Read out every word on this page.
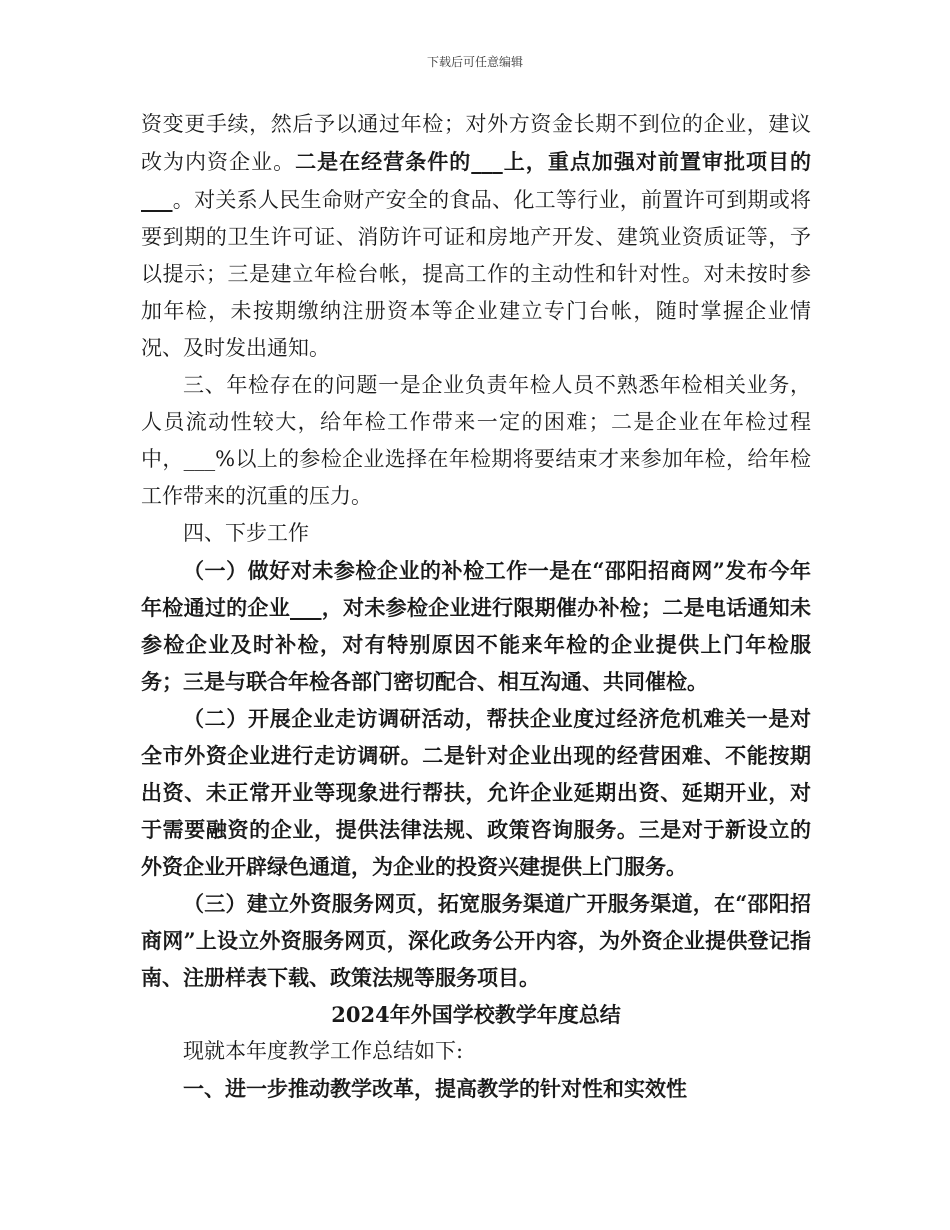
下载后可任意编辑

资变更手续，然后予以通过年检；对外方资金长期不到位的企业，建议改为内资企业。二是在经营条件的___上，重点加强对前置审批项目的___。对关系人民生命财产安全的食品、化工等行业，前置许可到期或将要到期的卫生许可证、消防许可证和房地产开发、建筑业资质证等，予以提示；三是建立年检台帐，提高工作的主动性和针对性。对未按时参加年检，未按期缴纳注册资本等企业建立专门台帐，随时掌握企业情况、及时发出通知。

三、年检存在的问题一是企业负责年检人员不熟悉年检相关业务，人员流动性较大，给年检工作带来一定的困难；二是企业在年检过程中，___%以上的参检企业选择在年检期将要结束才来参加年检，给年检工作带来的沉重的压力。

四、下步工作

（一）做好对未参检企业的补检工作一是在“邵阳招商网”发布今年年检通过的企业___，对未参检企业进行限期催办补检；二是电话通知未参检企业及时补检，对有特别原因不能来年检的企业提供上门年检服务；三是与联合年检各部门密切配合、相互沟通、共同催检。

（二）开展企业走访调研活动，帮扶企业度过经济危机难关一是对全市外资企业进行走访调研。二是针对企业出现的经营困难、不能按期出资、未正常开业等现象进行帮扶，允许企业延期出资、延期开业，对于需要融资的企业，提供法律法规、政策咨询服务。三是对于新设立的外资企业开辟绿色通道，为企业的投资兴建提供上门服务。

（三）建立外资服务网页，拓宽服务渠道广开服务渠道，在“邵阳招商网”上设立外资服务网页，深化政务公开内容，为外资企业提供登记指南、注册样表下载、政策法规等服务项目。

2024年外国学校教学年度总结

现就本年度教学工作总结如下:

一、进一步推动教学改革，提高教学的针对性和实效性
